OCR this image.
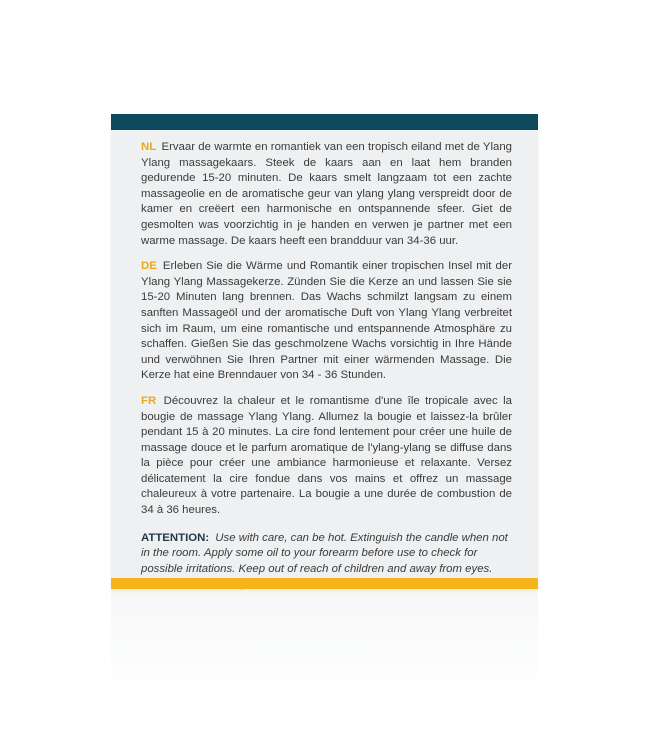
NL Ervaar de warmte en romantiek van een tropisch eiland met de Ylang Ylang massagekaars. Steek de kaars aan en laat hem branden gedurende 15-20 minuten. De kaars smelt langzaam tot een zachte massageolie en de aromatische geur van ylang ylang verspreidt door de kamer en creëert een harmonische en ontspannende sfeer. Giet de gesmolten was voorzichtig in je handen en verwen je partner met een warme massage. De kaars heeft een brandduur van 34-36 uur.

DE Erleben Sie die Wärme und Romantik einer tropischen Insel mit der Ylang Ylang Massagekerze. Zünden Sie die Kerze an und lassen Sie sie 15-20 Minuten lang brennen. Das Wachs schmilzt langsam zu einem sanften Massageöl und der aromatische Duft von Ylang Ylang verbreitet sich im Raum, um eine romantische und entspannende Atmosphäre zu schaffen. Gießen Sie das geschmolzene Wachs vorsichtig in Ihre Hände und verwöhnen Sie Ihren Partner mit einer wärmenden Massage. Die Kerze hat eine Brenndauer von 34 - 36 Stunden.

FR Découvrez la chaleur et le romantisme d'une île tropicale avec la bougie de massage Ylang Ylang. Allumez la bougie et laissez-la brûler pendant 15 à 20 minutes. La cire fond lentement pour créer une huile de massage douce et le parfum aromatique de l'ylang-ylang se diffuse dans la pièce pour créer une ambiance harmonieuse et relaxante. Versez délicatement la cire fondue dans vos mains et offrez un massage chaleureux à votre partenaire. La bougie a une durée de combustion de 34 à 36 heures.

ATTENTION: Use with care, can be hot. Extinguish the candle when not in the room. Apply some oil to your forearm before use to check for possible irritations. Keep out of reach of children and away from eyes.
